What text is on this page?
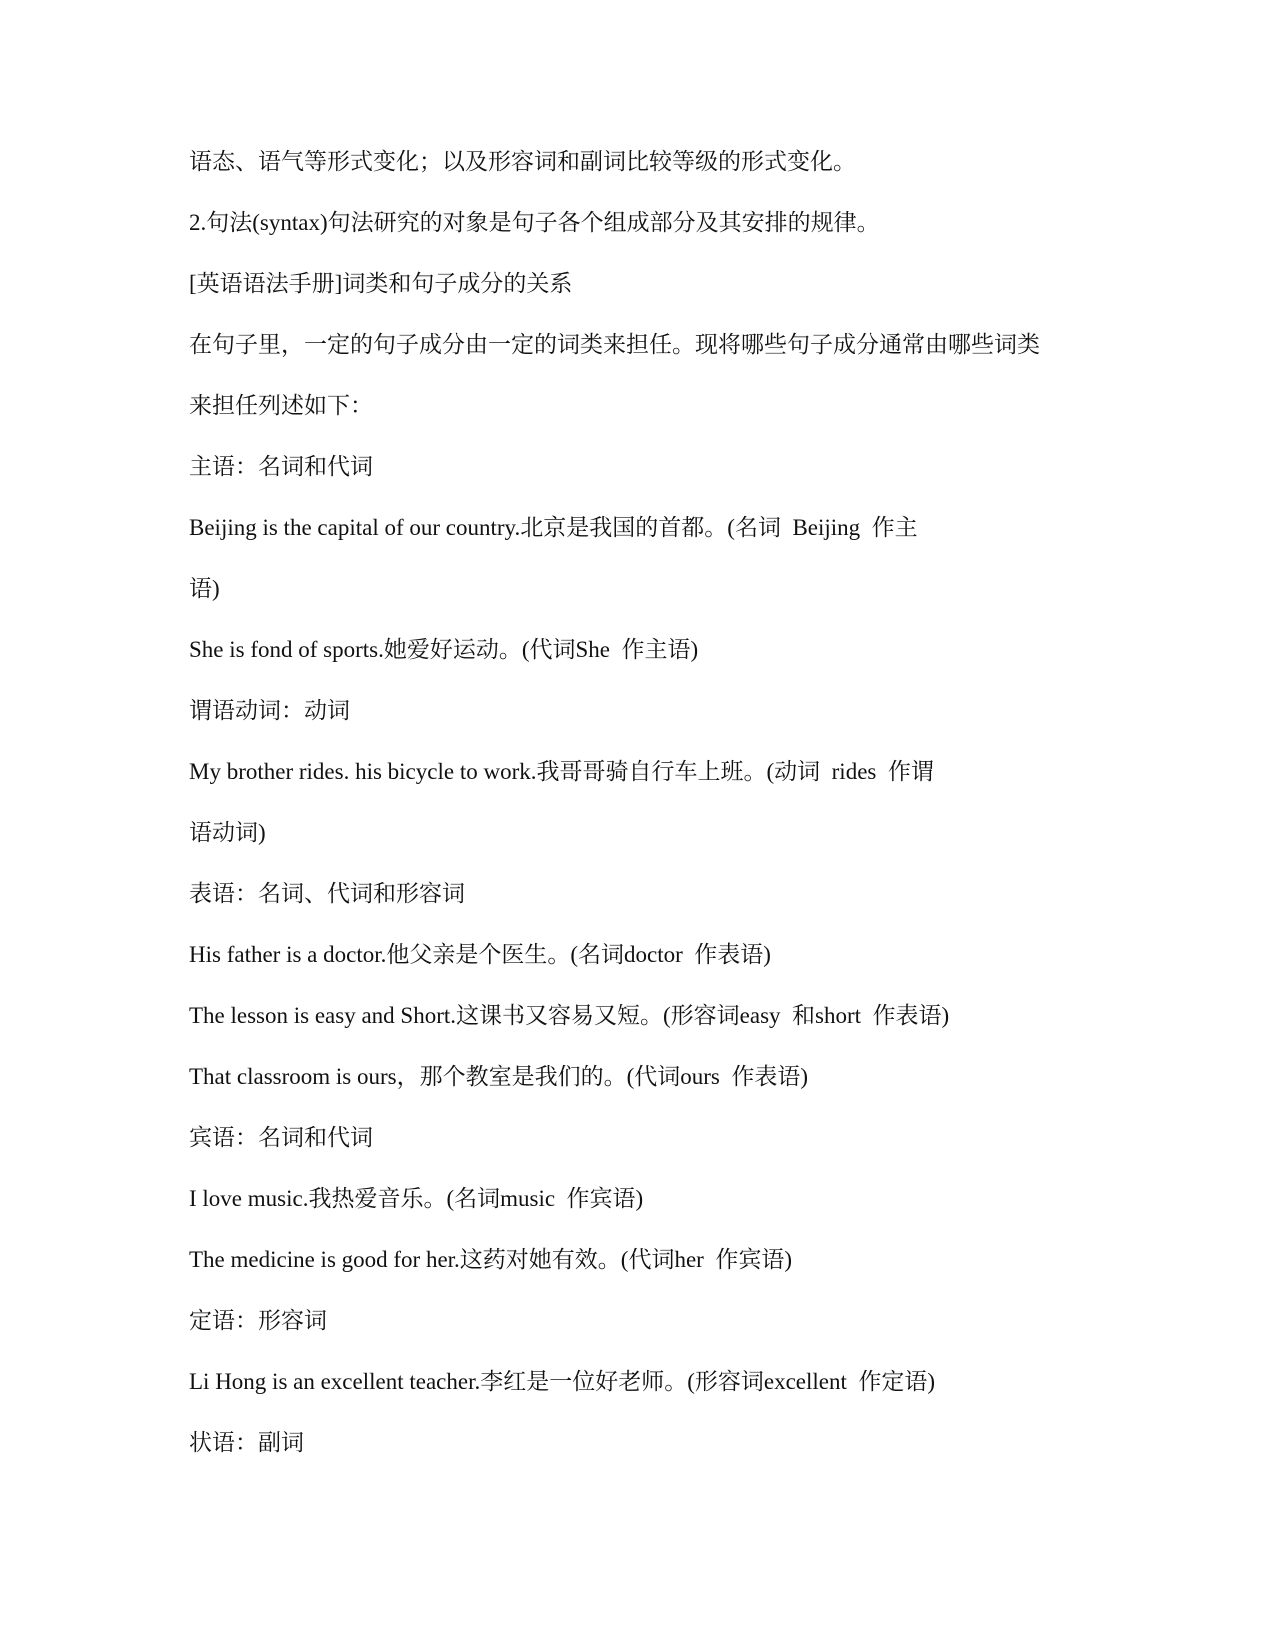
语态、语气等形式变化；以及形容词和副词比较等级的形式变化。

2.句法(syntax)句法研究的对象是句子各个组成部分及其安排的规律。

[英语语法手册]词类和句子成分的关系

在句子里，一定的句子成分由一定的词类来担任。现将哪些句子成分通常由哪些词类

来担任列述如下：

主语：名词和代词

Beijing is the capital of our country.北京是我国的首都。(名词  Beijing  作主

语)

She is fond of sports.她爱好运动。(代词She  作主语)

谓语动词：动词

My brother rides. his bicycle to work.我哥哥骑自行车上班。(动词  rides  作谓

语动词)

表语：名词、代词和形容词

His father is a doctor.他父亲是个医生。(名词doctor  作表语)

The lesson is easy and Short.这课书又容易又短。(形容词easy  和short  作表语)

That classroom is ours，那个教室是我们的。(代词ours  作表语)

宾语：名词和代词

I love music.我热爱音乐。(名词music  作宾语)

The medicine is good for her.这药对她有效。(代词her  作宾语)

定语：形容词

Li Hong is an excellent teacher.李红是一位好老师。(形容词excellent  作定语)

状语：副词
